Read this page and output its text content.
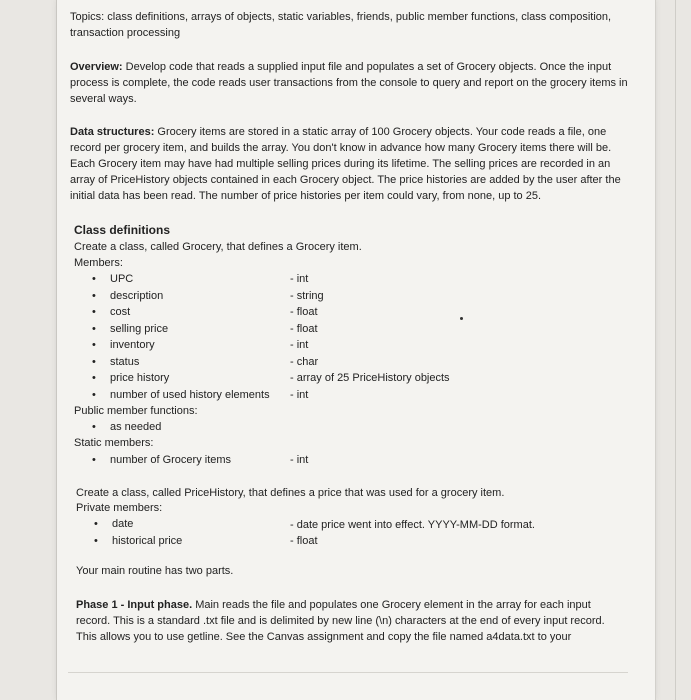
Topics: class definitions, arrays of objects, static variables, friends, public member functions, class composition, transaction processing

Overview: Develop code that reads a supplied input file and populates a set of Grocery objects. Once the input process is complete, the code reads user transactions from the console to query and report on the grocery items in several ways.

Data structures: Grocery items are stored in a static array of 100 Grocery objects. Your code reads a file, one record per grocery item, and builds the array. You don't know in advance how many Grocery items there will be. Each Grocery item may have had multiple selling prices during its lifetime. The selling prices are recorded in an array of PriceHistory objects contained in each Grocery object. The price histories are added by the user after the initial data has been read. The number of price histories per item could vary, from none, up to 25.

Class definitions
Create a class, called Grocery, that defines a Grocery item.
Members:
• UPC	- int
• description	- string
• cost	- float
• selling price	- float
• inventory	- int
• status	- char
• price history	- array of 25 PriceHistory objects
• number of used history elements - int
Public member functions:
• as needed
Static members:
• number of Grocery items	- int
Create a class, called PriceHistory, that defines a price that was used for a grocery item.
Private members:
• date	- date price went into effect. YYYY-MM-DD format.
• historical price	- float
Your main routine has two parts.

Phase 1 - Input phase. Main reads the file and populates one Grocery element in the array for each input record. This is a standard .txt file and is delimited by new line (\n) characters at the end of every input record. This allows you to use getline. See the Canvas assignment and copy the file named a4data.txt to your
